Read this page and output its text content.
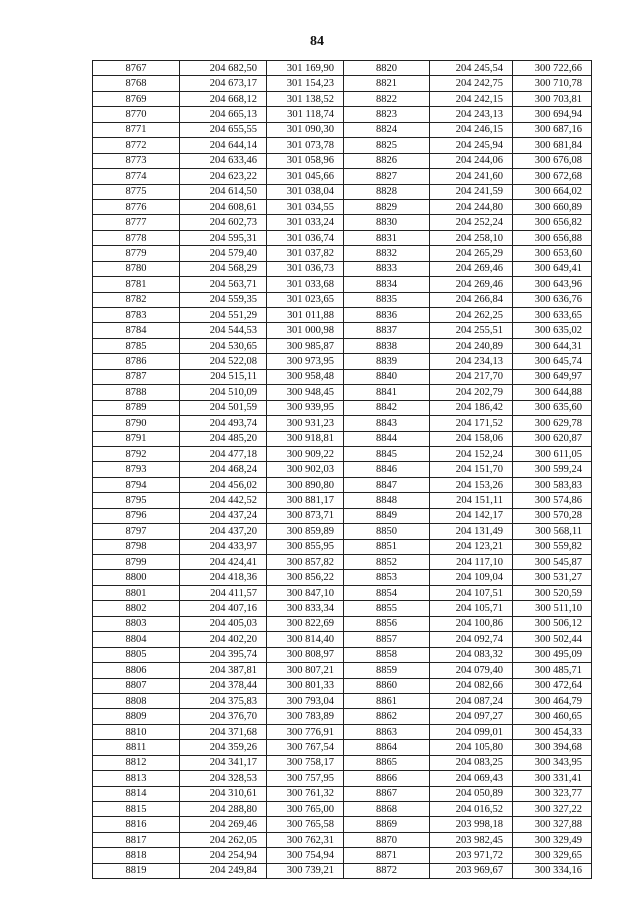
84
8767	204 682,50	301 169,90	8820	204 245,54	300 722,66
8768	204 673,17	301 154,23	8821	204 242,75	300 710,78
8769	204 668,12	301 138,52	8822	204 242,15	300 703,81
8770	204 665,13	301 118,74	8823	204 243,13	300 694,94
8771	204 655,55	301 090,30	8824	204 246,15	300 687,16
8772	204 644,14	301 073,78	8825	204 245,94	300 681,84
8773	204 633,46	301 058,96	8826	204 244,06	300 676,08
8774	204 623,22	301 045,66	8827	204 241,60	300 672,68
8775	204 614,50	301 038,04	8828	204 241,59	300 664,02
8776	204 608,61	301 034,55	8829	204 244,80	300 660,89
8777	204 602,73	301 033,24	8830	204 252,24	300 656,82
8778	204 595,31	301 036,74	8831	204 258,10	300 656,88
8779	204 579,40	301 037,82	8832	204 265,29	300 653,60
8780	204 568,29	301 036,73	8833	204 269,46	300 649,41
8781	204 563,71	301 033,68	8834	204 269,46	300 643,96
8782	204 559,35	301 023,65	8835	204 266,84	300 636,76
8783	204 551,29	301 011,88	8836	204 262,25	300 633,65
8784	204 544,53	301 000,98	8837	204 255,51	300 635,02
8785	204 530,65	300 985,87	8838	204 240,89	300 644,31
8786	204 522,08	300 973,95	8839	204 234,13	300 645,74
8787	204 515,11	300 958,48	8840	204 217,70	300 649,97
8788	204 510,09	300 948,45	8841	204 202,79	300 644,88
8789	204 501,59	300 939,95	8842	204 186,42	300 635,60
8790	204 493,74	300 931,23	8843	204 171,52	300 629,78
8791	204 485,20	300 918,81	8844	204 158,06	300 620,87
8792	204 477,18	300 909,22	8845	204 152,24	300 611,05
8793	204 468,24	300 902,03	8846	204 151,70	300 599,24
8794	204 456,02	300 890,80	8847	204 153,26	300 583,83
8795	204 442,52	300 881,17	8848	204 151,11	300 574,86
8796	204 437,24	300 873,71	8849	204 142,17	300 570,28
8797	204 437,20	300 859,89	8850	204 131,49	300 568,11
8798	204 433,97	300 855,95	8851	204 123,21	300 559,82
8799	204 424,41	300 857,82	8852	204 117,10	300 545,87
8800	204 418,36	300 856,22	8853	204 109,04	300 531,27
8801	204 411,57	300 847,10	8854	204 107,51	300 520,59
8802	204 407,16	300 833,34	8855	204 105,71	300 511,10
8803	204 405,03	300 822,69	8856	204 100,86	300 506,12
8804	204 402,20	300 814,40	8857	204 092,74	300 502,44
8805	204 395,74	300 808,97	8858	204 083,32	300 495,09
8806	204 387,81	300 807,21	8859	204 079,40	300 485,71
8807	204 378,44	300 801,33	8860	204 082,66	300 472,64
8808	204 375,83	300 793,04	8861	204 087,24	300 464,79
8809	204 376,70	300 783,89	8862	204 097,27	300 460,65
8810	204 371,68	300 776,91	8863	204 099,01	300 454,33
8811	204 359,26	300 767,54	8864	204 105,80	300 394,68
8812	204 341,17	300 758,17	8865	204 083,25	300 343,95
8813	204 328,53	300 757,95	8866	204 069,43	300 331,41
8814	204 310,61	300 761,32	8867	204 050,89	300 323,77
8815	204 288,80	300 765,00	8868	204 016,52	300 327,22
8816	204 269,46	300 765,58	8869	203 998,18	300 327,88
8817	204 262,05	300 762,31	8870	203 982,45	300 329,49
8818	204 254,94	300 754,94	8871	203 971,72	300 329,65
8819	204 249,84	300 739,21	8872	203 969,67	300 334,16
